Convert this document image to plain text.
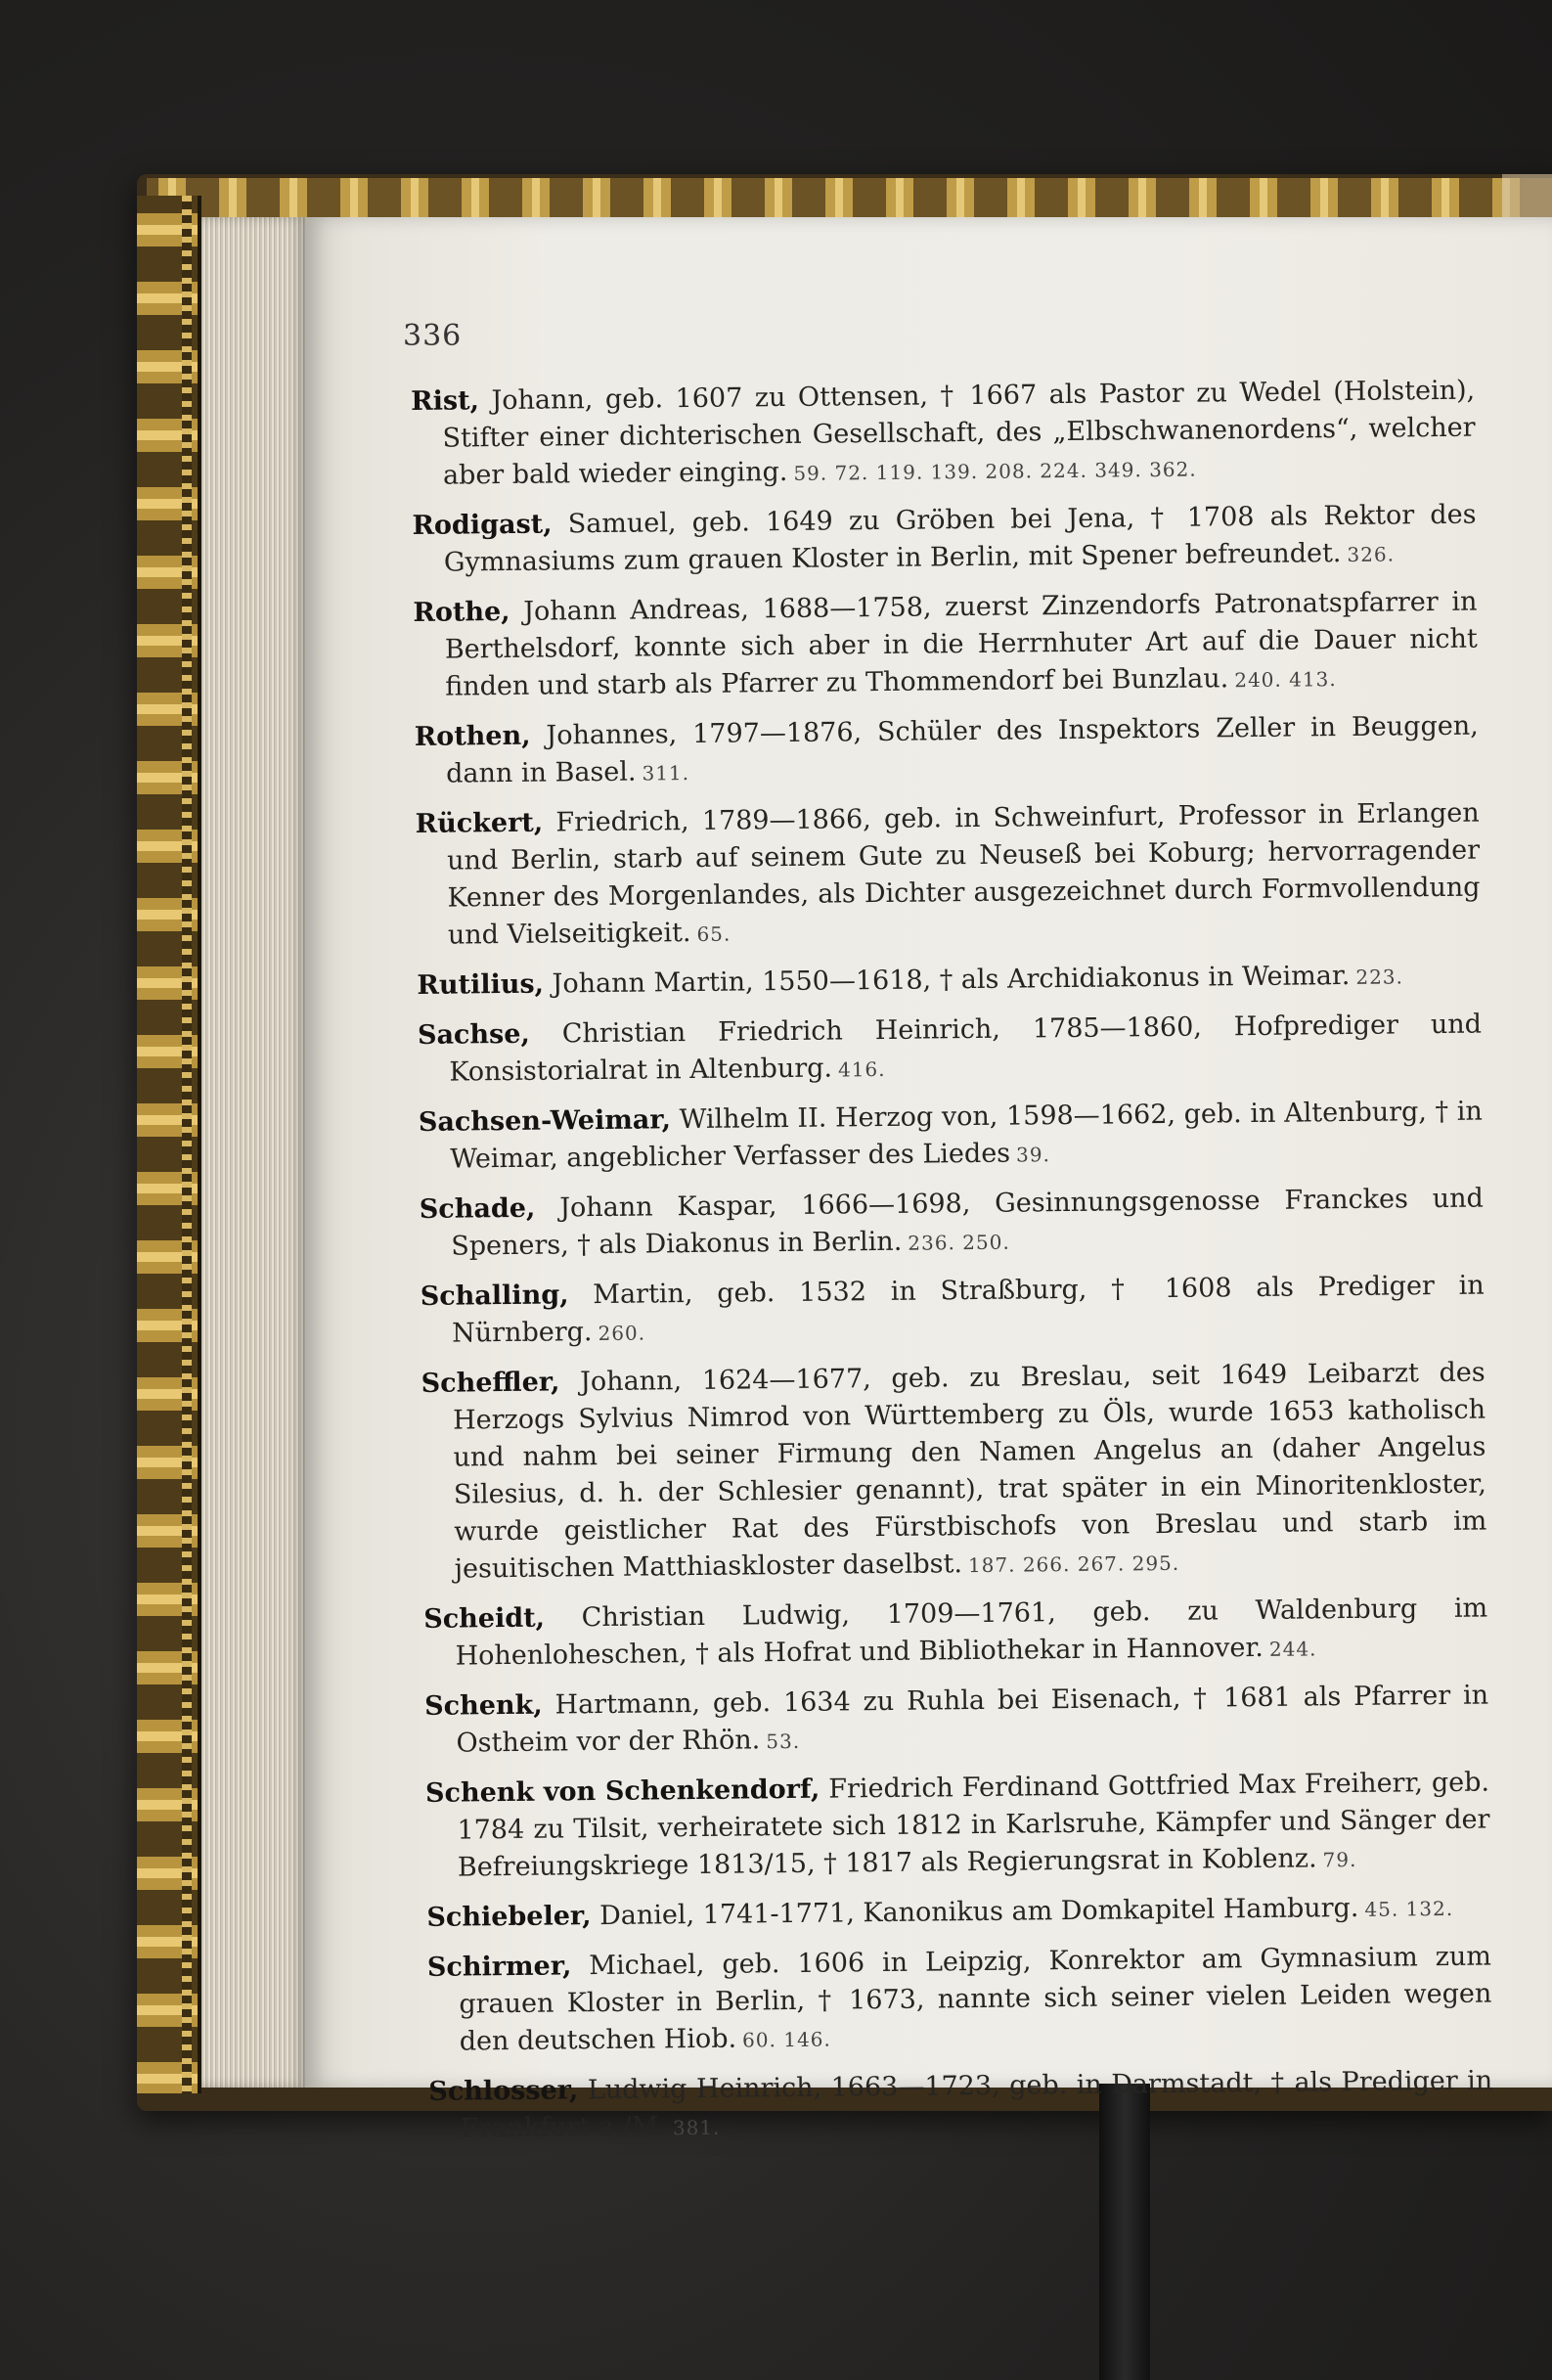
336

Rist, Johann, geb. 1607 zu Ottensen, † 1667 als Pastor zu Wedel (Holstein), Stifter einer dichterischen Gesellschaft, des „Elbschwanenordens“, welcher aber bald wieder einging. 59. 72. 119. 139. 208. 224. 349. 362.

Rodigast, Samuel, geb. 1649 zu Gröben bei Jena, † 1708 als Rektor des Gymnasiums zum grauen Kloster in Berlin, mit Spener befreundet. 326.

Rothe, Johann Andreas, 1688—1758, zuerst Zinzendorfs Patronatspfarrer in Berthelsdorf, konnte sich aber in die Herrnhuter Art auf die Dauer nicht finden und starb als Pfarrer zu Thommendorf bei Bunzlau. 240. 413.

Rothen, Johannes, 1797—1876, Schüler des Inspektors Zeller in Beuggen, dann in Basel. 311.

Rückert, Friedrich, 1789—1866, geb. in Schweinfurt, Professor in Erlangen und Berlin, starb auf seinem Gute zu Neuseß bei Koburg; hervorragender Kenner des Morgenlandes, als Dichter ausgezeichnet durch Formvollendung und Vielseitigkeit. 65.

Rutilius, Johann Martin, 1550—1618, † als Archidiakonus in Weimar. 223.

Sachse, Christian Friedrich Heinrich, 1785—1860, Hofprediger und Konsistorialrat in Altenburg. 416.

Sachsen-Weimar, Wilhelm II. Herzog von, 1598—1662, geb. in Altenburg, † in Weimar, angeblicher Verfasser des Liedes 39.

Schade, Johann Kaspar, 1666—1698, Gesinnungsgenosse Franckes und Speners, † als Diakonus in Berlin. 236. 250.

Schalling, Martin, geb. 1532 in Straßburg, † 1608 als Prediger in Nürnberg. 260.

Scheffler, Johann, 1624—1677, geb. zu Breslau, seit 1649 Leibarzt des Herzogs Sylvius Nimrod von Württemberg zu Öls, wurde 1653 katholisch und nahm bei seiner Firmung den Namen Angelus an (daher Angelus Silesius, d. h. der Schlesier genannt), trat später in ein Minoritenkloster, wurde geistlicher Rat des Fürstbischofs von Breslau und starb im jesuitischen Matthiaskloster daselbst. 187. 266. 267. 295.

Scheidt, Christian Ludwig, 1709—1761, geb. zu Waldenburg im Hohenloheschen, † als Hofrat und Bibliothekar in Hannover. 244.

Schenk, Hartmann, geb. 1634 zu Ruhla bei Eisenach, † 1681 als Pfarrer in Ostheim vor der Rhön. 53.

Schenk von Schenkendorf, Friedrich Ferdinand Gottfried Max Freiherr, geb. 1784 zu Tilsit, verheiratete sich 1812 in Karlsruhe, Kämpfer und Sänger der Befreiungskriege 1813/15, † 1817 als Regierungsrat in Koblenz. 79.

Schiebeler, Daniel, 1741-1771, Kanonikus am Domkapitel Hamburg. 45. 132.

Schirmer, Michael, geb. 1606 in Leipzig, Konrektor am Gymnasium zum grauen Kloster in Berlin, † 1673, nannte sich seiner vielen Leiden wegen den deutschen Hiob. 60. 146.

Schlosser, Ludwig Heinrich, 1663—1723, geb. in Darmstadt, † als Prediger in Frankfurt a./M. 381.
